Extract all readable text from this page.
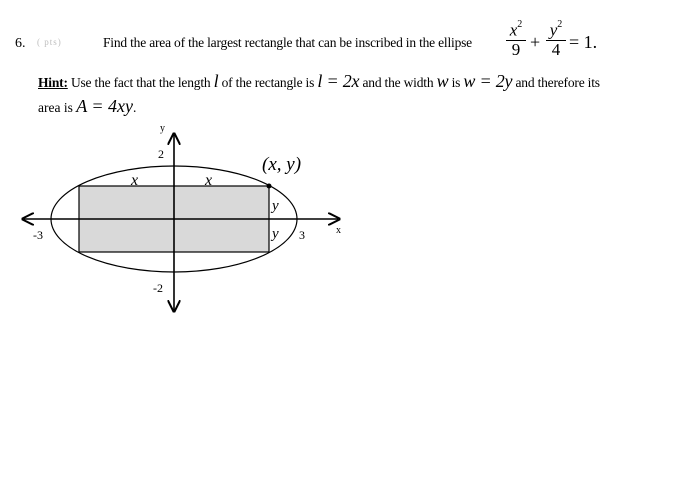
6. ( pts)	Find the area of the largest rectangle that can be inscribed in the ellipse
$x^2$
9 +
$y^2$
4 = 1.
Hint: Use the fact that the length l of the rectangle is l = 2x and the width w is w = 2y and therefore its
area is A = 4xy.
y
x
2
-2
-3	3
x	x
y
y
(x, y)
